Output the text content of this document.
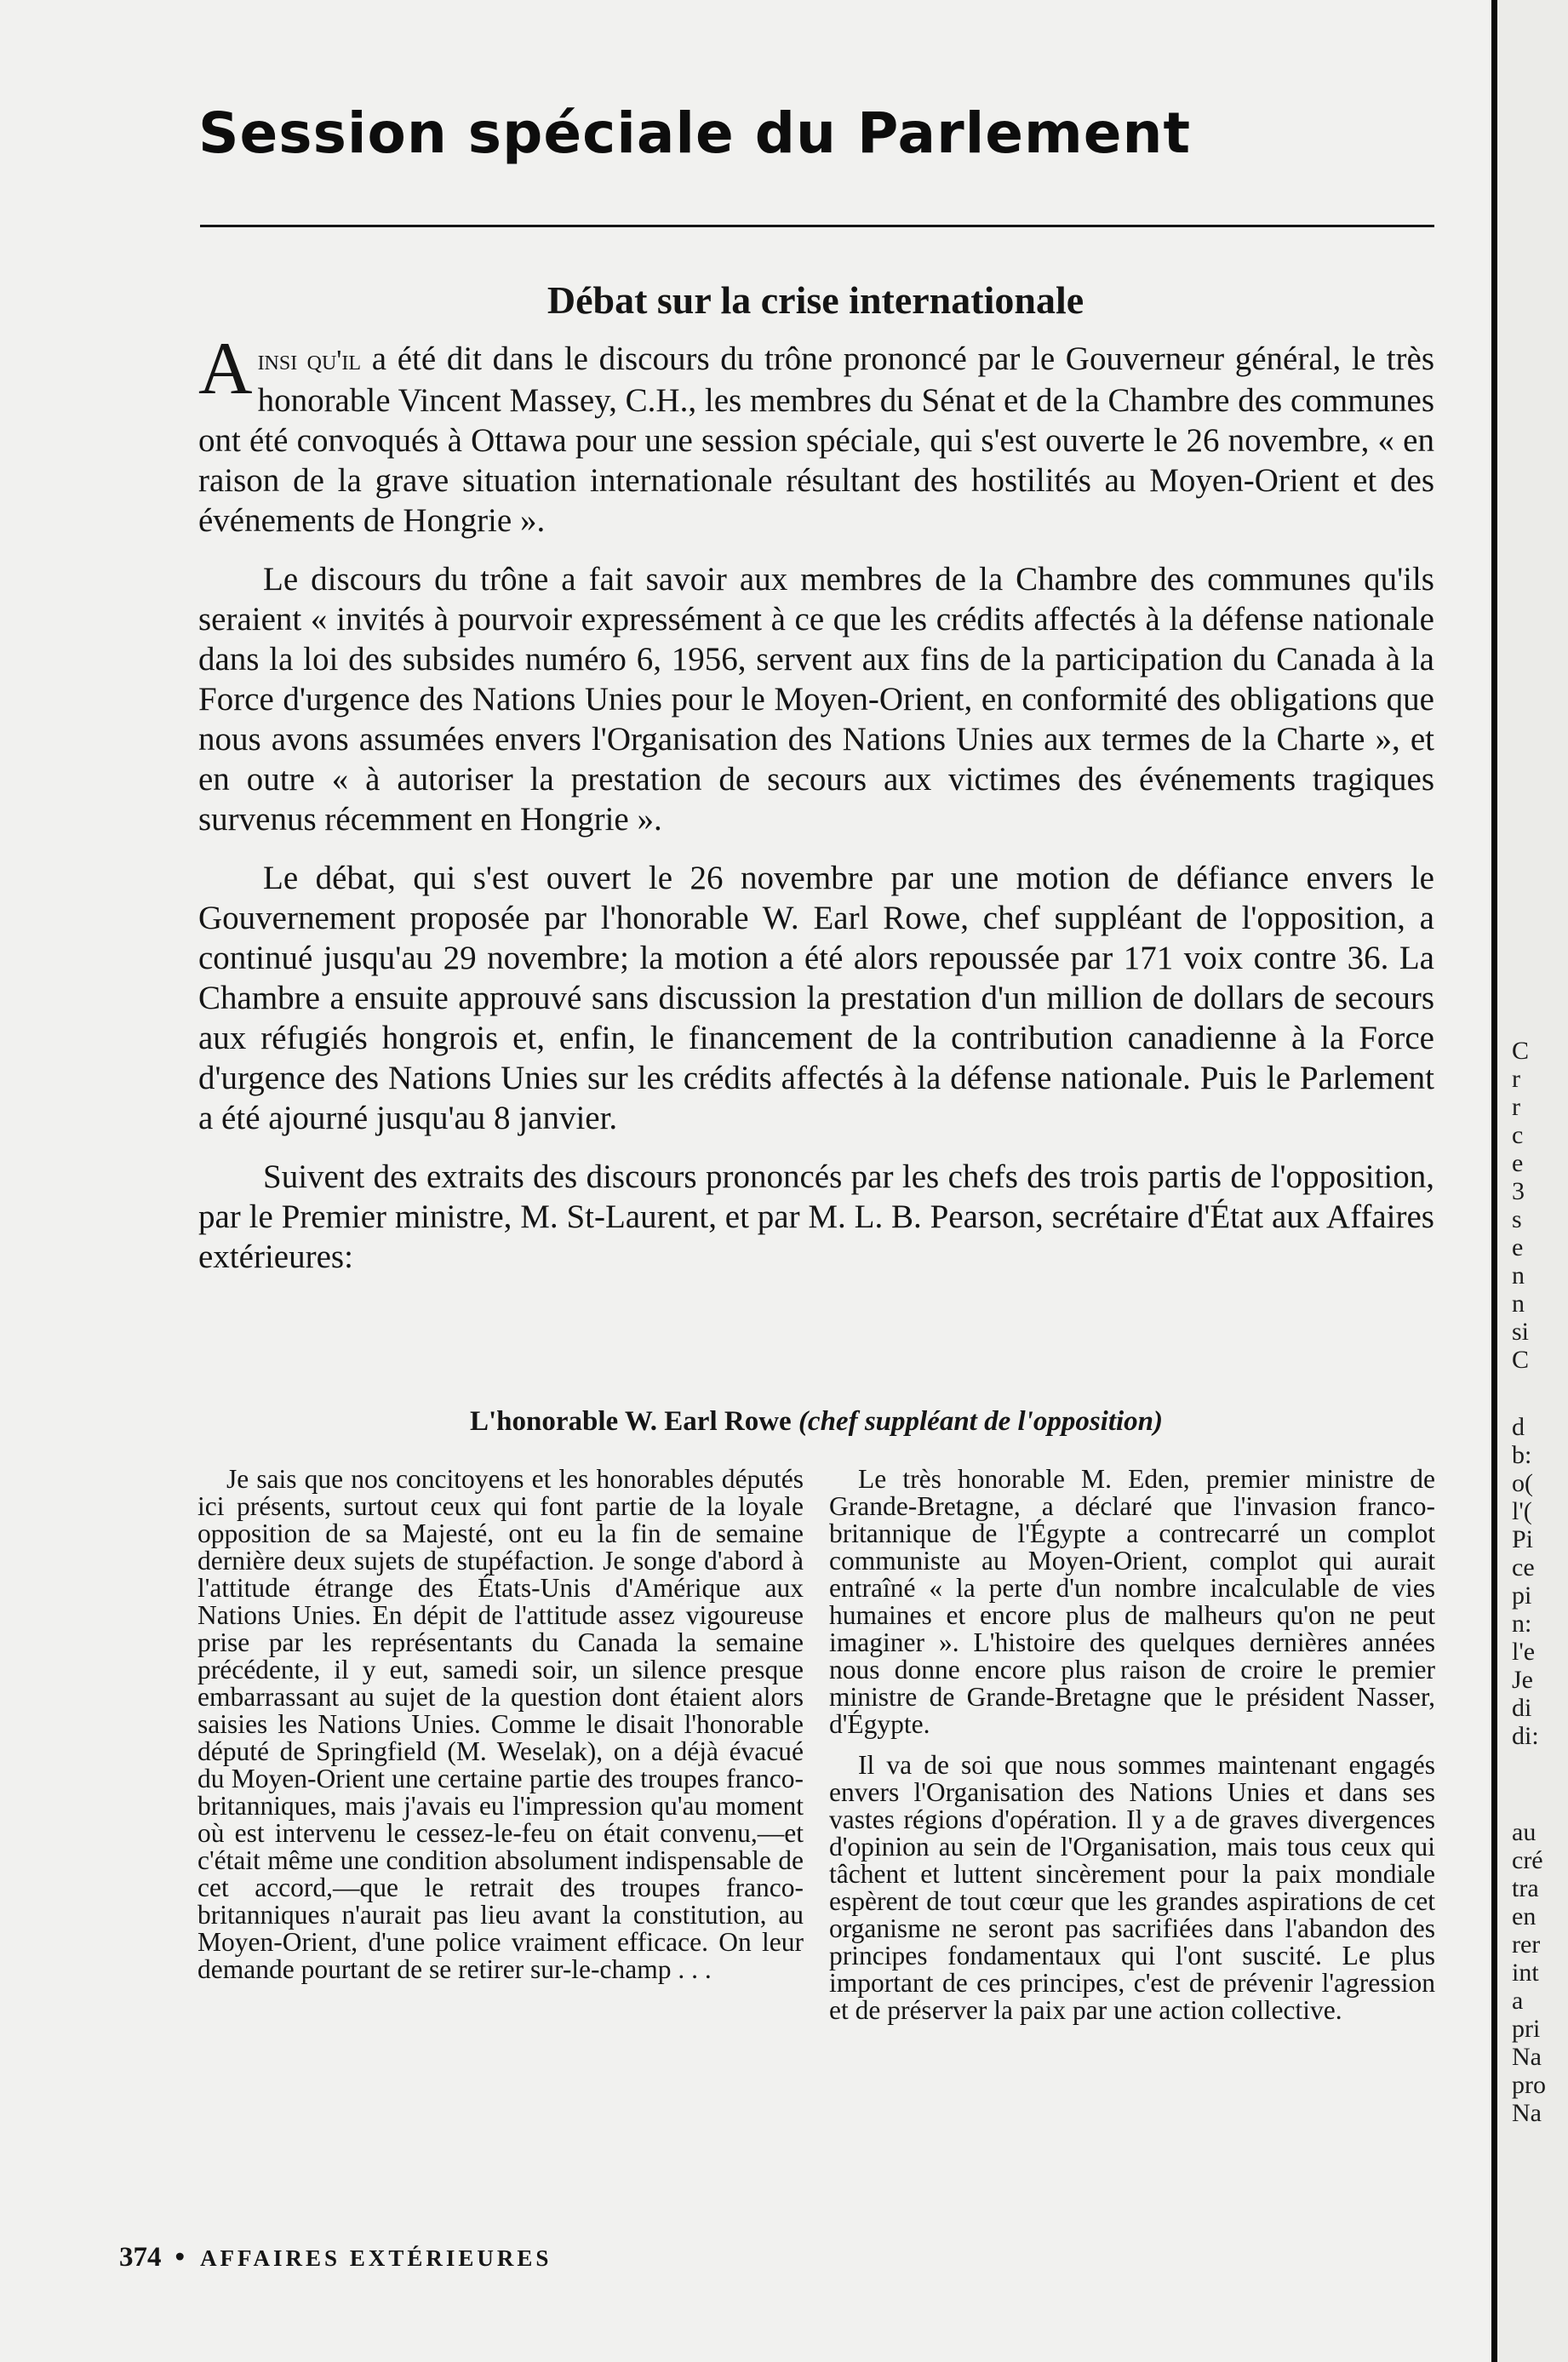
Session spéciale du Parlement
Débat sur la crise internationale

Ainsi qu'il a été dit dans le discours du trône prononcé par le Gouverneur général, le très honorable Vincent Massey, C.H., les membres du Sénat et de la Chambre des communes ont été convoqués à Ottawa pour une session spéciale, qui s'est ouverte le 26 novembre, « en raison de la grave situation internationale résultant des hostilités au Moyen-Orient et des événements de Hongrie ».

Le discours du trône a fait savoir aux membres de la Chambre des communes qu'ils seraient « invités à pourvoir expressément à ce que les crédits affectés à la défense nationale dans la loi des subsides numéro 6, 1956, servent aux fins de la participation du Canada à la Force d'urgence des Nations Unies pour le Moyen-Orient, en conformité des obligations que nous avons assumées envers l'Organisation des Nations Unies aux termes de la Charte », et en outre « à autoriser la prestation de secours aux victimes des événements tragiques survenus récemment en Hongrie ».

Le débat, qui s'est ouvert le 26 novembre par une motion de défiance envers le Gouvernement proposée par l'honorable W. Earl Rowe, chef suppléant de l'opposition, a continué jusqu'au 29 novembre; la motion a été alors repoussée par 171 voix contre 36. La Chambre a ensuite approuvé sans discussion la prestation d'un million de dollars de secours aux réfugiés hongrois et, enfin, le financement de la contribution canadienne à la Force d'urgence des Nations Unies sur les crédits affectés à la défense nationale. Puis le Parlement a été ajourné jusqu'au 8 janvier.

Suivent des extraits des discours prononcés par les chefs des trois partis de l'opposition, par le Premier ministre, M. St-Laurent, et par M. L. B. Pearson, secrétaire d'État aux Affaires extérieures:

L'honorable W. Earl Rowe (chef suppléant de l'opposition)

Je sais que nos concitoyens et les honorables députés ici présents, surtout ceux qui font partie de la loyale opposition de sa Majesté, ont eu la fin de semaine dernière deux sujets de stupéfaction. Je songe d'abord à l'attitude étrange des États-Unis d'Amérique aux Nations Unies. En dépit de l'attitude assez vigoureuse prise par les représentants du Canada la semaine précédente, il y eut, samedi soir, un silence presque embarrassant au sujet de la question dont étaient alors saisies les Nations Unies. Comme le disait l'honorable député de Springfield (M. Weselak), on a déjà évacué du Moyen-Orient une certaine partie des troupes franco-britanniques, mais j'avais eu l'impression qu'au moment où est intervenu le cessez-le-feu on était convenu,—et c'était même une condition absolument indispensable de cet accord,—que le retrait des troupes franco-britanniques n'aurait pas lieu avant la constitution, au Moyen-Orient, d'une police vraiment efficace. On leur demande pourtant de se retirer sur-le-champ . . .

Le très honorable M. Eden, premier ministre de Grande-Bretagne, a déclaré que l'invasion franco-britannique de l'Égypte a contrecarré un complot communiste au Moyen-Orient, complot qui aurait entraîné « la perte d'un nombre incalculable de vies humaines et encore plus de malheurs qu'on ne peut imaginer ». L'histoire des quelques dernières années nous donne encore plus raison de croire le premier ministre de Grande-Bretagne que le président Nasser, d'Égypte.

Il va de soi que nous sommes maintenant engagés envers l'Organisation des Nations Unies et dans ses vastes régions d'opération. Il y a de graves divergences d'opinion au sein de l'Organisation, mais tous ceux qui tâchent et luttent sincèrement pour la paix mondiale espèrent de tout cœur que les grandes aspirations de cet organisme ne seront pas sacrifiées dans l'abandon des principes fondamentaux qui l'ont suscité. Le plus important de ces principes, c'est de prévenir l'agression et de préserver la paix par une action collective.

374 • AFFAIRES EXTÉRIEURES
C
r
r
c
e
3
s
e
n
n
si
C
d
b:
o(
l'(
Pi
ce
pi
n:
l'e
Je
di
di:
au
cré
tra
en
rer
int
a
pri
Na
pro
Na
